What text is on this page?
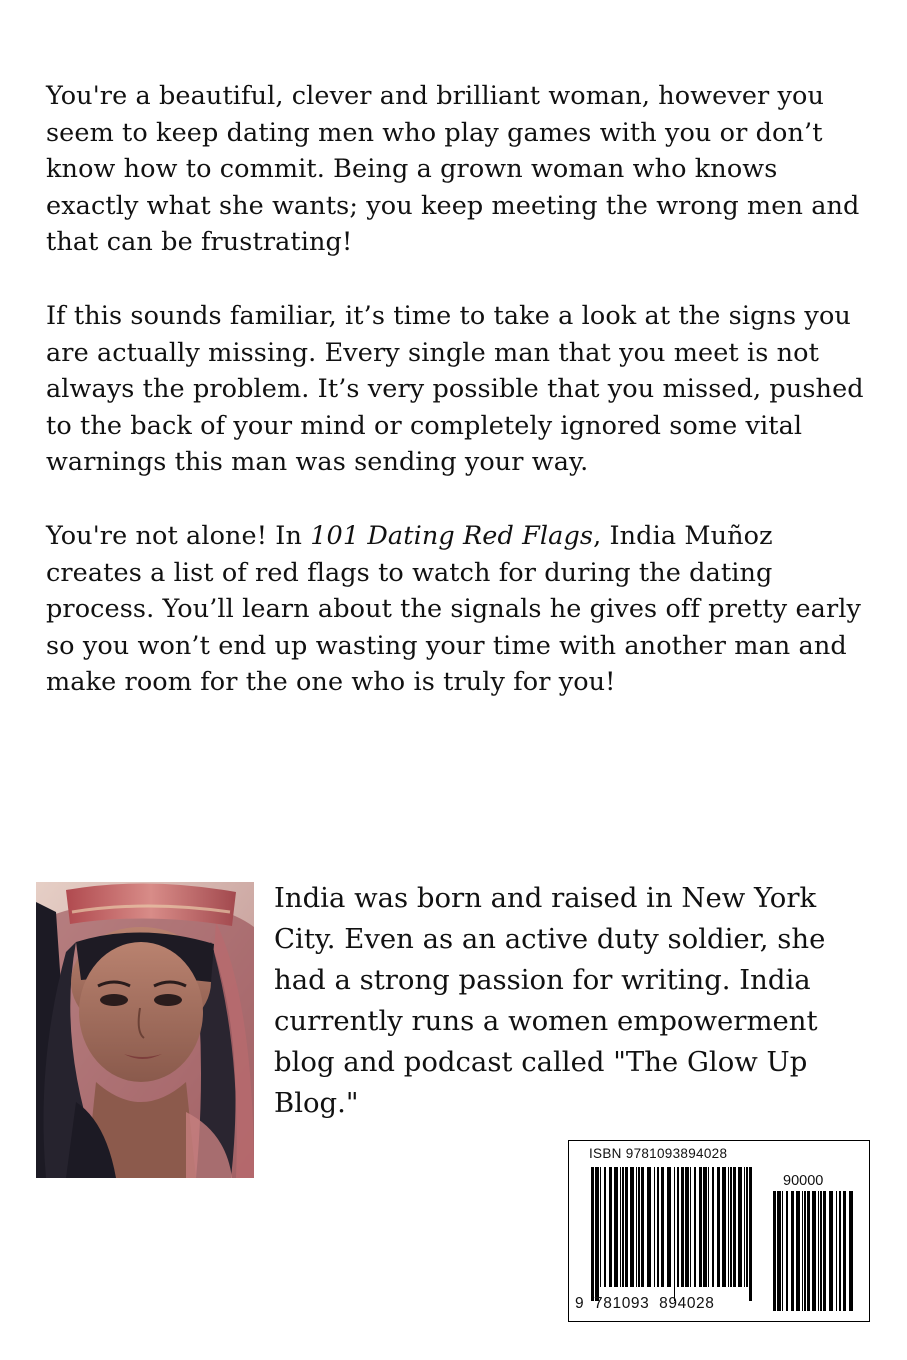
You're a beautiful, clever and brilliant woman, however you seem to keep dating men who play games with you or don’t know how to commit. Being a grown woman who knows exactly what she wants; you keep meeting the wrong men and that can be frustrating!

If this sounds familiar, it’s time to take a look at the signs you are actually missing. Every single man that you meet is not always the problem. It’s very possible that you missed, pushed to the back of your mind or completely ignored some vital warnings this man was sending your way.

You're not alone! In 101 Dating Red Flags, India Muñoz creates a list of red flags to watch for during the dating process. You’ll learn about the signals he gives off pretty early so you won’t end up wasting your time with another man and make room for the one who is truly for you!

India was born and raised in New York City. Even as an active duty soldier, she had a strong passion for writing. India currently runs a women empowerment blog and podcast called "The Glow Up Blog."
ISBN 9781093894028
90000
9  781093  894028
